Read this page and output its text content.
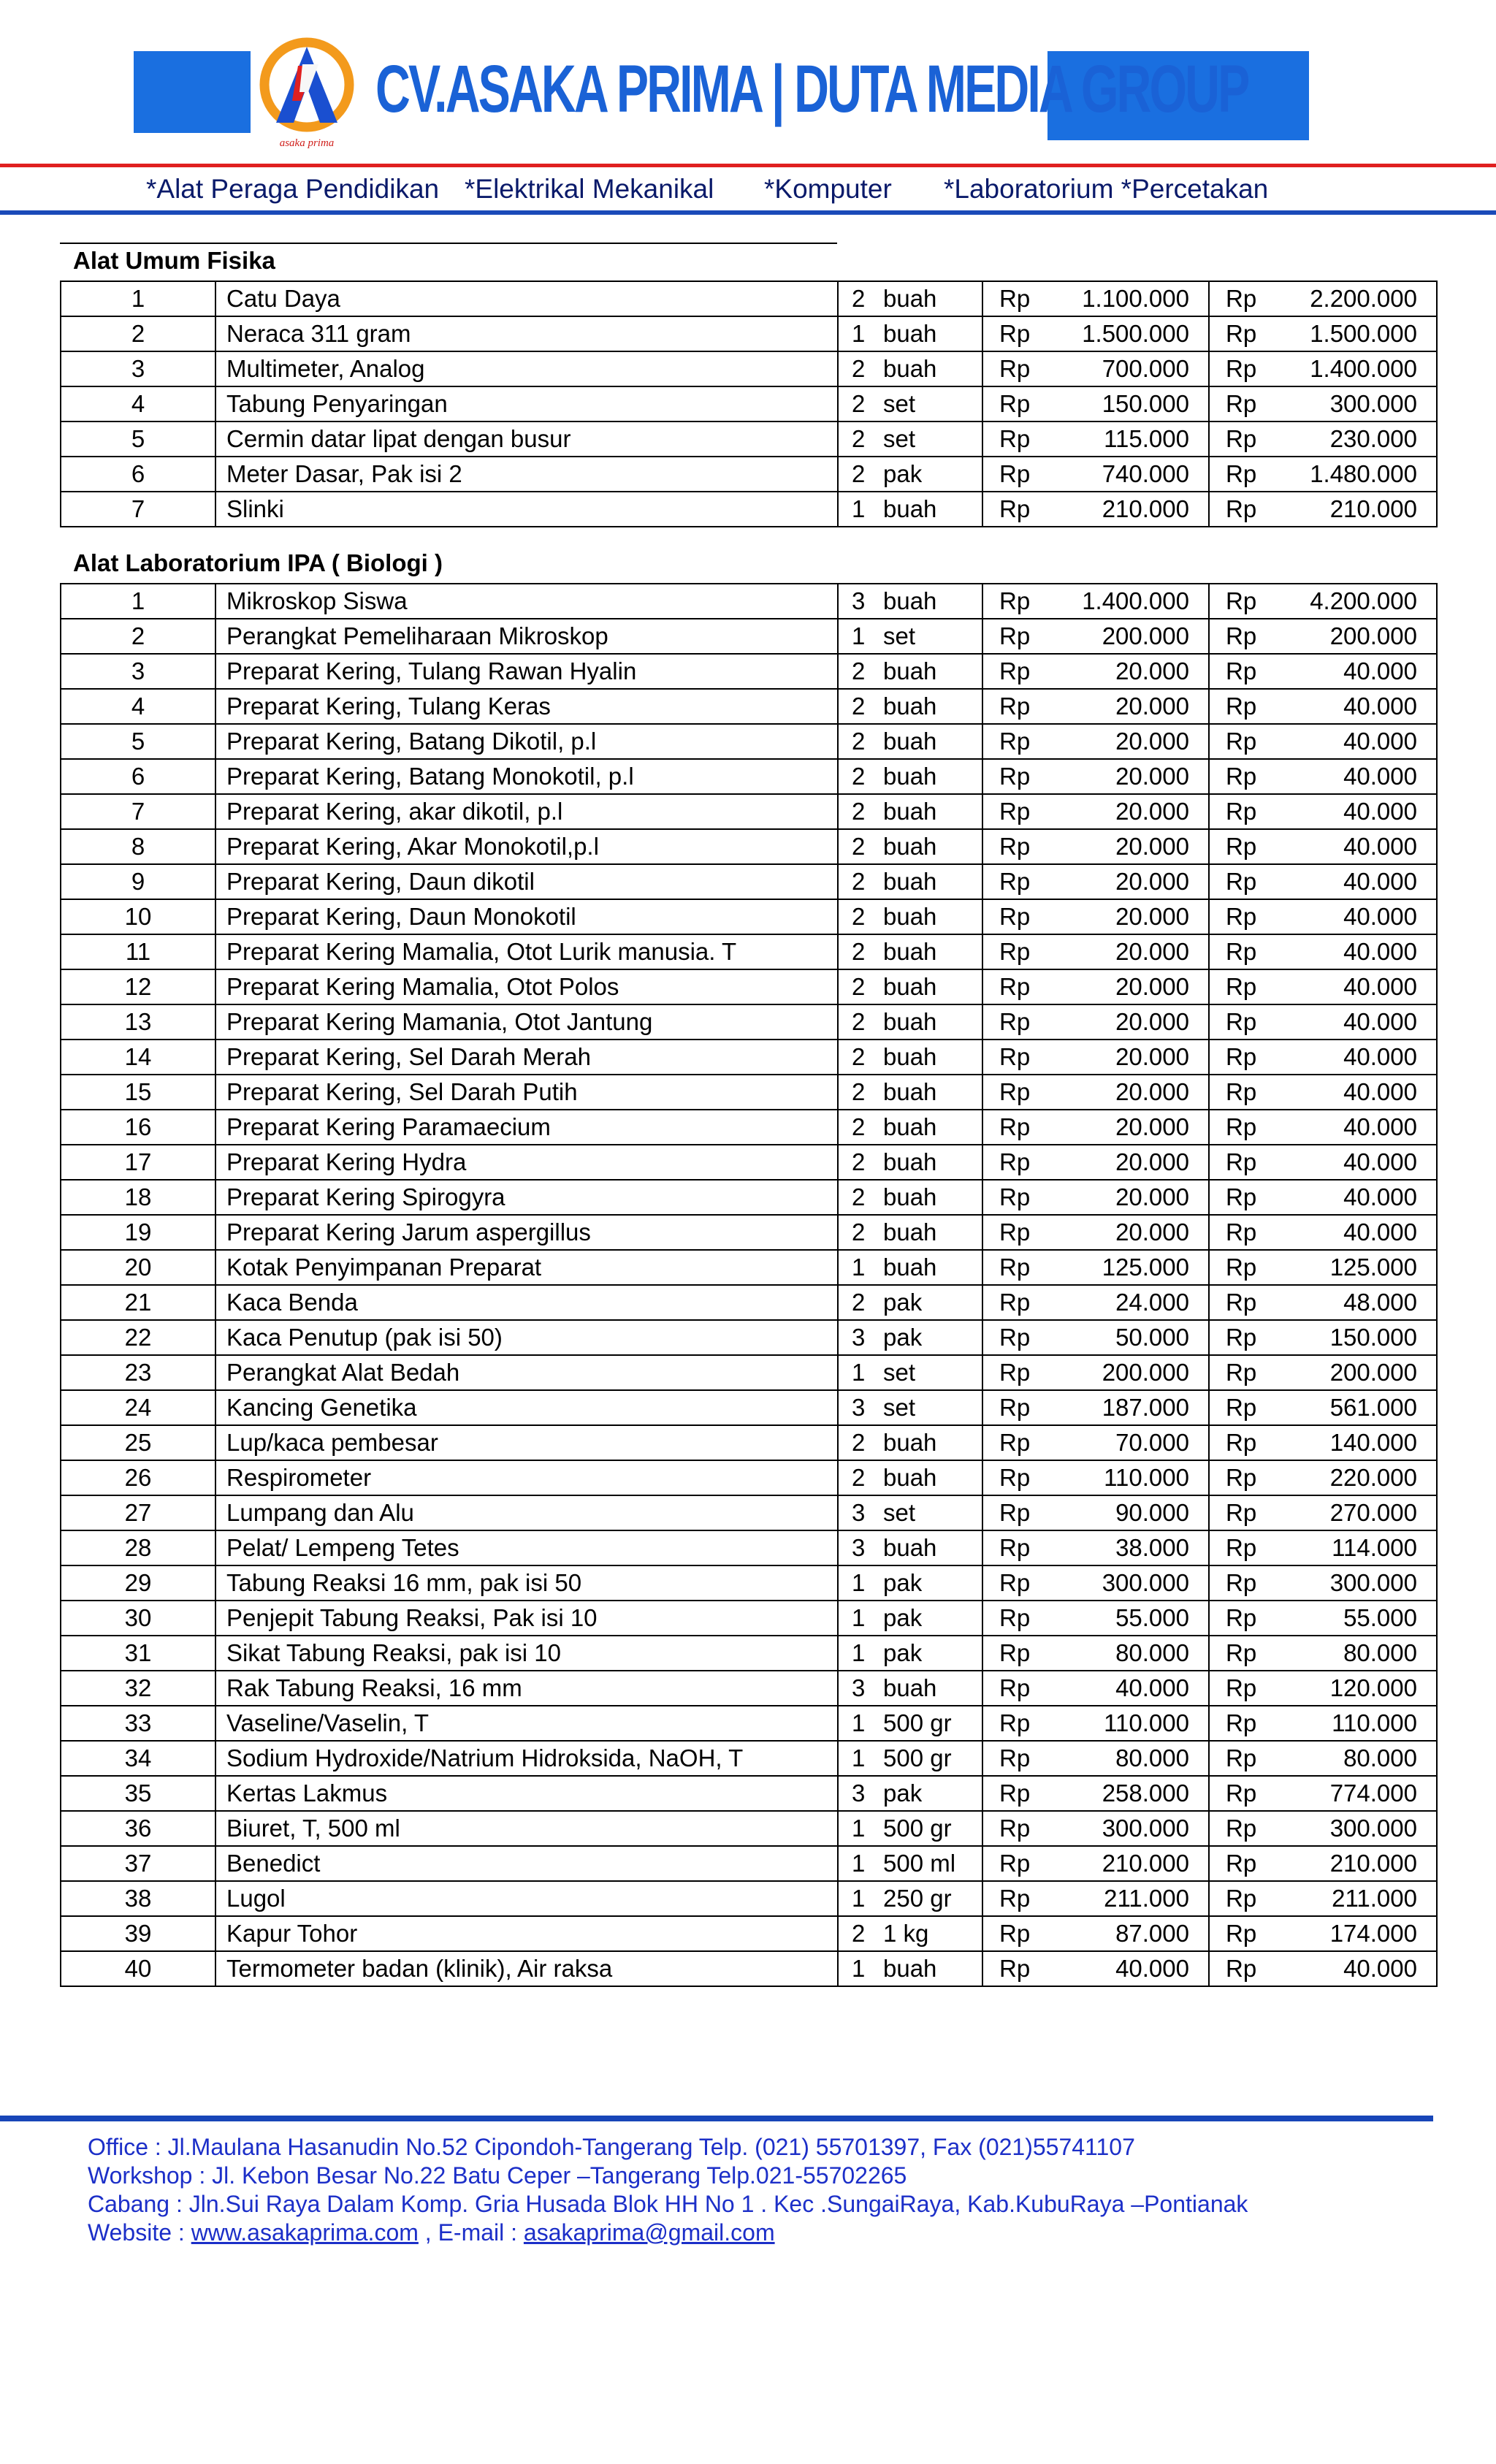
asaka prima
CV.ASAKA PRIMA | DUTA MEDIA GROUP
*Alat Peraga Pendidikan *Elektrikal Mekanikal *Komputer *Laboratorium *Percetakan
Alat Umum Fisika
1	Catu Daya	2	buah	Rp	1.100.000	Rp	2.200.000
2	Neraca 311 gram	1	buah	Rp	1.500.000	Rp	1.500.000
3	Multimeter, Analog	2	buah	Rp	700.000	Rp	1.400.000
4	Tabung Penyaringan	2	set	Rp	150.000	Rp	300.000
5	Cermin datar lipat dengan busur	2	set	Rp	115.000	Rp	230.000
6	Meter Dasar, Pak isi 2	2	pak	Rp	740.000	Rp	1.480.000
7	Slinki	1	buah	Rp	210.000	Rp	210.000
Alat Laboratorium IPA ( Biologi )
1	Mikroskop Siswa	3	buah	Rp	1.400.000	Rp	4.200.000
2	Perangkat Pemeliharaan Mikroskop	1	set	Rp	200.000	Rp	200.000
3	Preparat Kering, Tulang Rawan Hyalin	2	buah	Rp	20.000	Rp	40.000
4	Preparat Kering, Tulang Keras	2	buah	Rp	20.000	Rp	40.000
5	Preparat Kering, Batang Dikotil, p.l	2	buah	Rp	20.000	Rp	40.000
6	Preparat Kering, Batang Monokotil, p.l	2	buah	Rp	20.000	Rp	40.000
7	Preparat Kering, akar dikotil, p.l	2	buah	Rp	20.000	Rp	40.000
8	Preparat Kering, Akar Monokotil,p.l	2	buah	Rp	20.000	Rp	40.000
9	Preparat Kering, Daun dikotil	2	buah	Rp	20.000	Rp	40.000
10	Preparat Kering, Daun Monokotil	2	buah	Rp	20.000	Rp	40.000
11	Preparat Kering Mamalia, Otot Lurik manusia. T	2	buah	Rp	20.000	Rp	40.000
12	Preparat Kering Mamalia, Otot Polos	2	buah	Rp	20.000	Rp	40.000
13	Preparat Kering Mamania, Otot Jantung	2	buah	Rp	20.000	Rp	40.000
14	Preparat Kering, Sel Darah Merah	2	buah	Rp	20.000	Rp	40.000
15	Preparat Kering, Sel Darah Putih	2	buah	Rp	20.000	Rp	40.000
16	Preparat Kering Paramaecium	2	buah	Rp	20.000	Rp	40.000
17	Preparat Kering Hydra	2	buah	Rp	20.000	Rp	40.000
18	Preparat Kering Spirogyra	2	buah	Rp	20.000	Rp	40.000
19	Preparat Kering Jarum aspergillus	2	buah	Rp	20.000	Rp	40.000
20	Kotak Penyimpanan Preparat	1	buah	Rp	125.000	Rp	125.000
21	Kaca Benda	2	pak	Rp	24.000	Rp	48.000
22	Kaca Penutup (pak isi 50)	3	pak	Rp	50.000	Rp	150.000
23	Perangkat Alat Bedah	1	set	Rp	200.000	Rp	200.000
24	Kancing Genetika	3	set	Rp	187.000	Rp	561.000
25	Lup/kaca pembesar	2	buah	Rp	70.000	Rp	140.000
26	Respirometer	2	buah	Rp	110.000	Rp	220.000
27	Lumpang dan Alu	3	set	Rp	90.000	Rp	270.000
28	Pelat/ Lempeng Tetes	3	buah	Rp	38.000	Rp	114.000
29	Tabung Reaksi 16 mm, pak isi 50	1	pak	Rp	300.000	Rp	300.000
30	Penjepit Tabung Reaksi, Pak isi 10	1	pak	Rp	55.000	Rp	55.000
31	Sikat Tabung Reaksi, pak isi 10	1	pak	Rp	80.000	Rp	80.000
32	Rak Tabung Reaksi, 16 mm	3	buah	Rp	40.000	Rp	120.000
33	Vaseline/Vaselin, T	1	500 gr	Rp	110.000	Rp	110.000
34	Sodium Hydroxide/Natrium Hidroksida, NaOH, T	1	500 gr	Rp	80.000	Rp	80.000
35	Kertas Lakmus	3	pak	Rp	258.000	Rp	774.000
36	Biuret, T, 500 ml	1	500 gr	Rp	300.000	Rp	300.000
37	Benedict	1	500 ml	Rp	210.000	Rp	210.000
38	Lugol	1	250 gr	Rp	211.000	Rp	211.000
39	Kapur Tohor	2	1 kg	Rp	87.000	Rp	174.000
40	Termometer badan (klinik), Air raksa	1	buah	Rp	40.000	Rp	40.000
Office : Jl.Maulana Hasanudin No.52 Cipondoh-Tangerang Telp. (021) 55701397, Fax (021)55741107
Workshop : Jl. Kebon Besar No.22 Batu Ceper –Tangerang Telp.021-55702265
Cabang : Jln.Sui Raya Dalam Komp. Gria Husada Blok HH No 1 . Kec .SungaiRaya, Kab.KubuRaya –Pontianak
Website : www.asakaprima.com , E-mail : asakaprima@gmail.com
